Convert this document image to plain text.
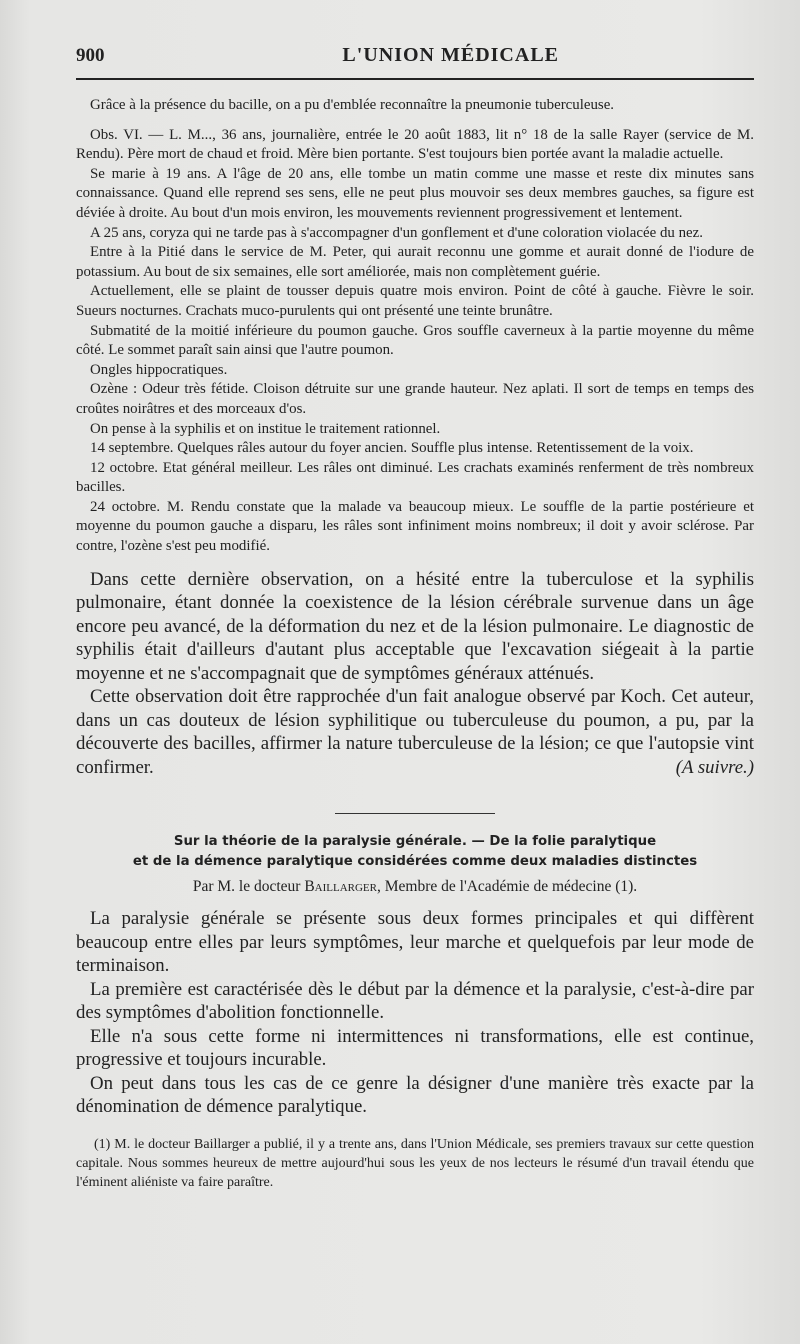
900	L'UNION MÉDICALE

Grâce à la présence du bacille, on a pu d'emblée reconnaître la pneumonie tuberculeuse.

Obs. VI. — L. M..., 36 ans, journalière, entrée le 20 août 1883, lit n° 18 de la salle Rayer (service de M. Rendu). Père mort de chaud et froid. Mère bien portante. S'est toujours bien portée avant la maladie actuelle.

Se marie à 19 ans. A l'âge de 20 ans, elle tombe un matin comme une masse et reste dix minutes sans connaissance. Quand elle reprend ses sens, elle ne peut plus mouvoir ses deux membres gauches, sa figure est déviée à droite. Au bout d'un mois environ, les mouvements reviennent progressivement et lentement.

A 25 ans, coryza qui ne tarde pas à s'accompagner d'un gonflement et d'une coloration violacée du nez.

Entre à la Pitié dans le service de M. Peter, qui aurait reconnu une gomme et aurait donné de l'iodure de potassium. Au bout de six semaines, elle sort améliorée, mais non complètement guérie.

Actuellement, elle se plaint de tousser depuis quatre mois environ. Point de côté à gauche. Fièvre le soir. Sueurs nocturnes. Crachats muco-purulents qui ont présenté une teinte brunâtre.

Submatité de la moitié inférieure du poumon gauche. Gros souffle caverneux à la partie moyenne du même côté. Le sommet paraît sain ainsi que l'autre poumon.

Ongles hippocratiques.

Ozène : Odeur très fétide. Cloison détruite sur une grande hauteur. Nez aplati. Il sort de temps en temps des croûtes noirâtres et des morceaux d'os.

On pense à la syphilis et on institue le traitement rationnel.

14 septembre. Quelques râles autour du foyer ancien. Souffle plus intense. Retentissement de la voix.

12 octobre. Etat général meilleur. Les râles ont diminué. Les crachats examinés renferment de très nombreux bacilles.

24 octobre. M. Rendu constate que la malade va beaucoup mieux. Le souffle de la partie postérieure et moyenne du poumon gauche a disparu, les râles sont infiniment moins nombreux; il doit y avoir sclérose. Par contre, l'ozène s'est peu modifié.

Dans cette dernière observation, on a hésité entre la tuberculose et la syphilis pulmonaire, étant donnée la coexistence de la lésion cérébrale survenue dans un âge encore peu avancé, de la déformation du nez et de la lésion pulmonaire. Le diagnostic de syphilis était d'ailleurs d'autant plus acceptable que l'excavation siégeait à la partie moyenne et ne s'accompagnait que de symptômes généraux atténués.

Cette observation doit être rapprochée d'un fait analogue observé par Koch. Cet auteur, dans un cas douteux de lésion syphilitique ou tuberculeuse du poumon, a pu, par la découverte des bacilles, affirmer la nature tuberculeuse de la lésion; ce que l'autopsie vint confirmer.	(A suivre.)

Sur la théorie de la paralysie générale. — De la folie paralytique
et de la démence paralytique considérées comme deux maladies distinctes
Par M. le docteur Baillarger, Membre de l'Académie de médecine (1).

La paralysie générale se présente sous deux formes principales et qui diffèrent beaucoup entre elles par leurs symptômes, leur marche et quelquefois par leur mode de terminaison.

La première est caractérisée dès le début par la démence et la paralysie, c'est-à-dire par des symptômes d'abolition fonctionnelle.

Elle n'a sous cette forme ni intermittences ni transformations, elle est continue, progressive et toujours incurable.

On peut dans tous les cas de ce genre la désigner d'une manière très exacte par la dénomination de démence paralytique.

(1) M. le docteur Baillarger a publié, il y a trente ans, dans l'Union Médicale, ses premiers travaux sur cette question capitale. Nous sommes heureux de mettre aujourd'hui sous les yeux de nos lecteurs le résumé d'un travail étendu que l'éminent aliéniste va faire paraître.
